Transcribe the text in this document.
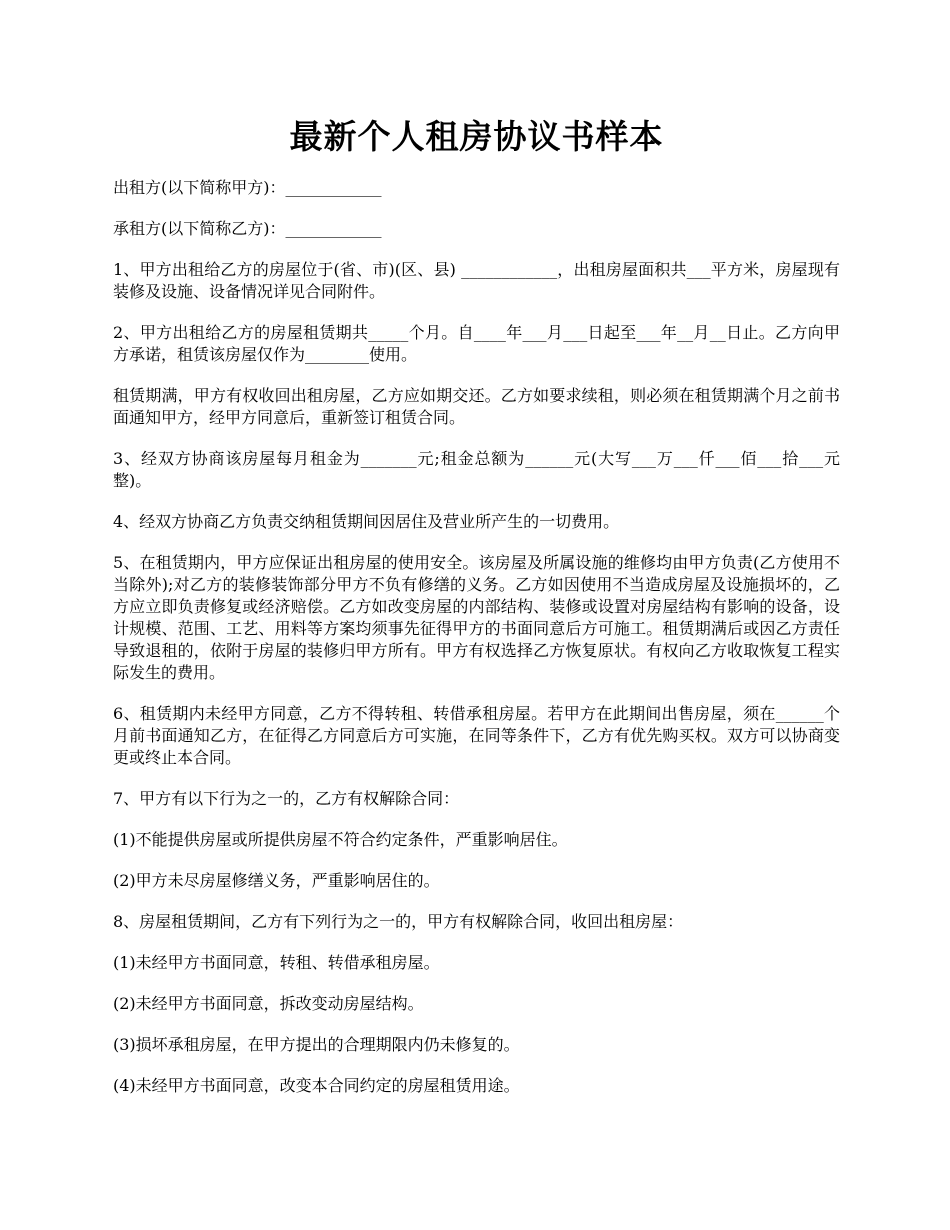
最新个人租房协议书样本

出租方(以下简称甲方)：____________

承租方(以下简称乙方)：____________

1、甲方出租给乙方的房屋位于(省、市)(区、县) ____________，出租房屋面积共___平方米，房屋现有装修及设施、设备情况详见合同附件。

2、甲方出租给乙方的房屋租赁期共_____个月。自____年___月___日起至___年__月__日止。乙方向甲方承诺，租赁该房屋仅作为________使用。

租赁期满，甲方有权收回出租房屋，乙方应如期交还。乙方如要求续租，则必须在租赁期满个月之前书面通知甲方，经甲方同意后，重新签订租赁合同。

3、经双方协商该房屋每月租金为_______元;租金总额为______元(大写___万___仟___佰___拾___元整)。

4、经双方协商乙方负责交纳租赁期间因居住及营业所产生的一切费用。

5、在租赁期内，甲方应保证出租房屋的使用安全。该房屋及所属设施的维修均由甲方负责(乙方使用不当除外);对乙方的装修装饰部分甲方不负有修缮的义务。乙方如因使用不当造成房屋及设施损坏的，乙方应立即负责修复或经济赔偿。乙方如改变房屋的内部结构、装修或设置对房屋结构有影响的设备，设计规模、范围、工艺、用料等方案均须事先征得甲方的书面同意后方可施工。租赁期满后或因乙方责任导致退租的，依附于房屋的装修归甲方所有。甲方有权选择乙方恢复原状。有权向乙方收取恢复工程实际发生的费用。

6、租赁期内未经甲方同意，乙方不得转租、转借承租房屋。若甲方在此期间出售房屋，须在______个月前书面通知乙方，在征得乙方同意后方可实施，在同等条件下，乙方有优先购买权。双方可以协商变更或终止本合同。

7、甲方有以下行为之一的，乙方有权解除合同：

(1)不能提供房屋或所提供房屋不符合约定条件，严重影响居住。

(2)甲方未尽房屋修缮义务，严重影响居住的。

8、房屋租赁期间，乙方有下列行为之一的，甲方有权解除合同，收回出租房屋：

(1)未经甲方书面同意，转租、转借承租房屋。

(2)未经甲方书面同意，拆改变动房屋结构。

(3)损坏承租房屋，在甲方提出的合理期限内仍未修复的。

(4)未经甲方书面同意，改变本合同约定的房屋租赁用途。
